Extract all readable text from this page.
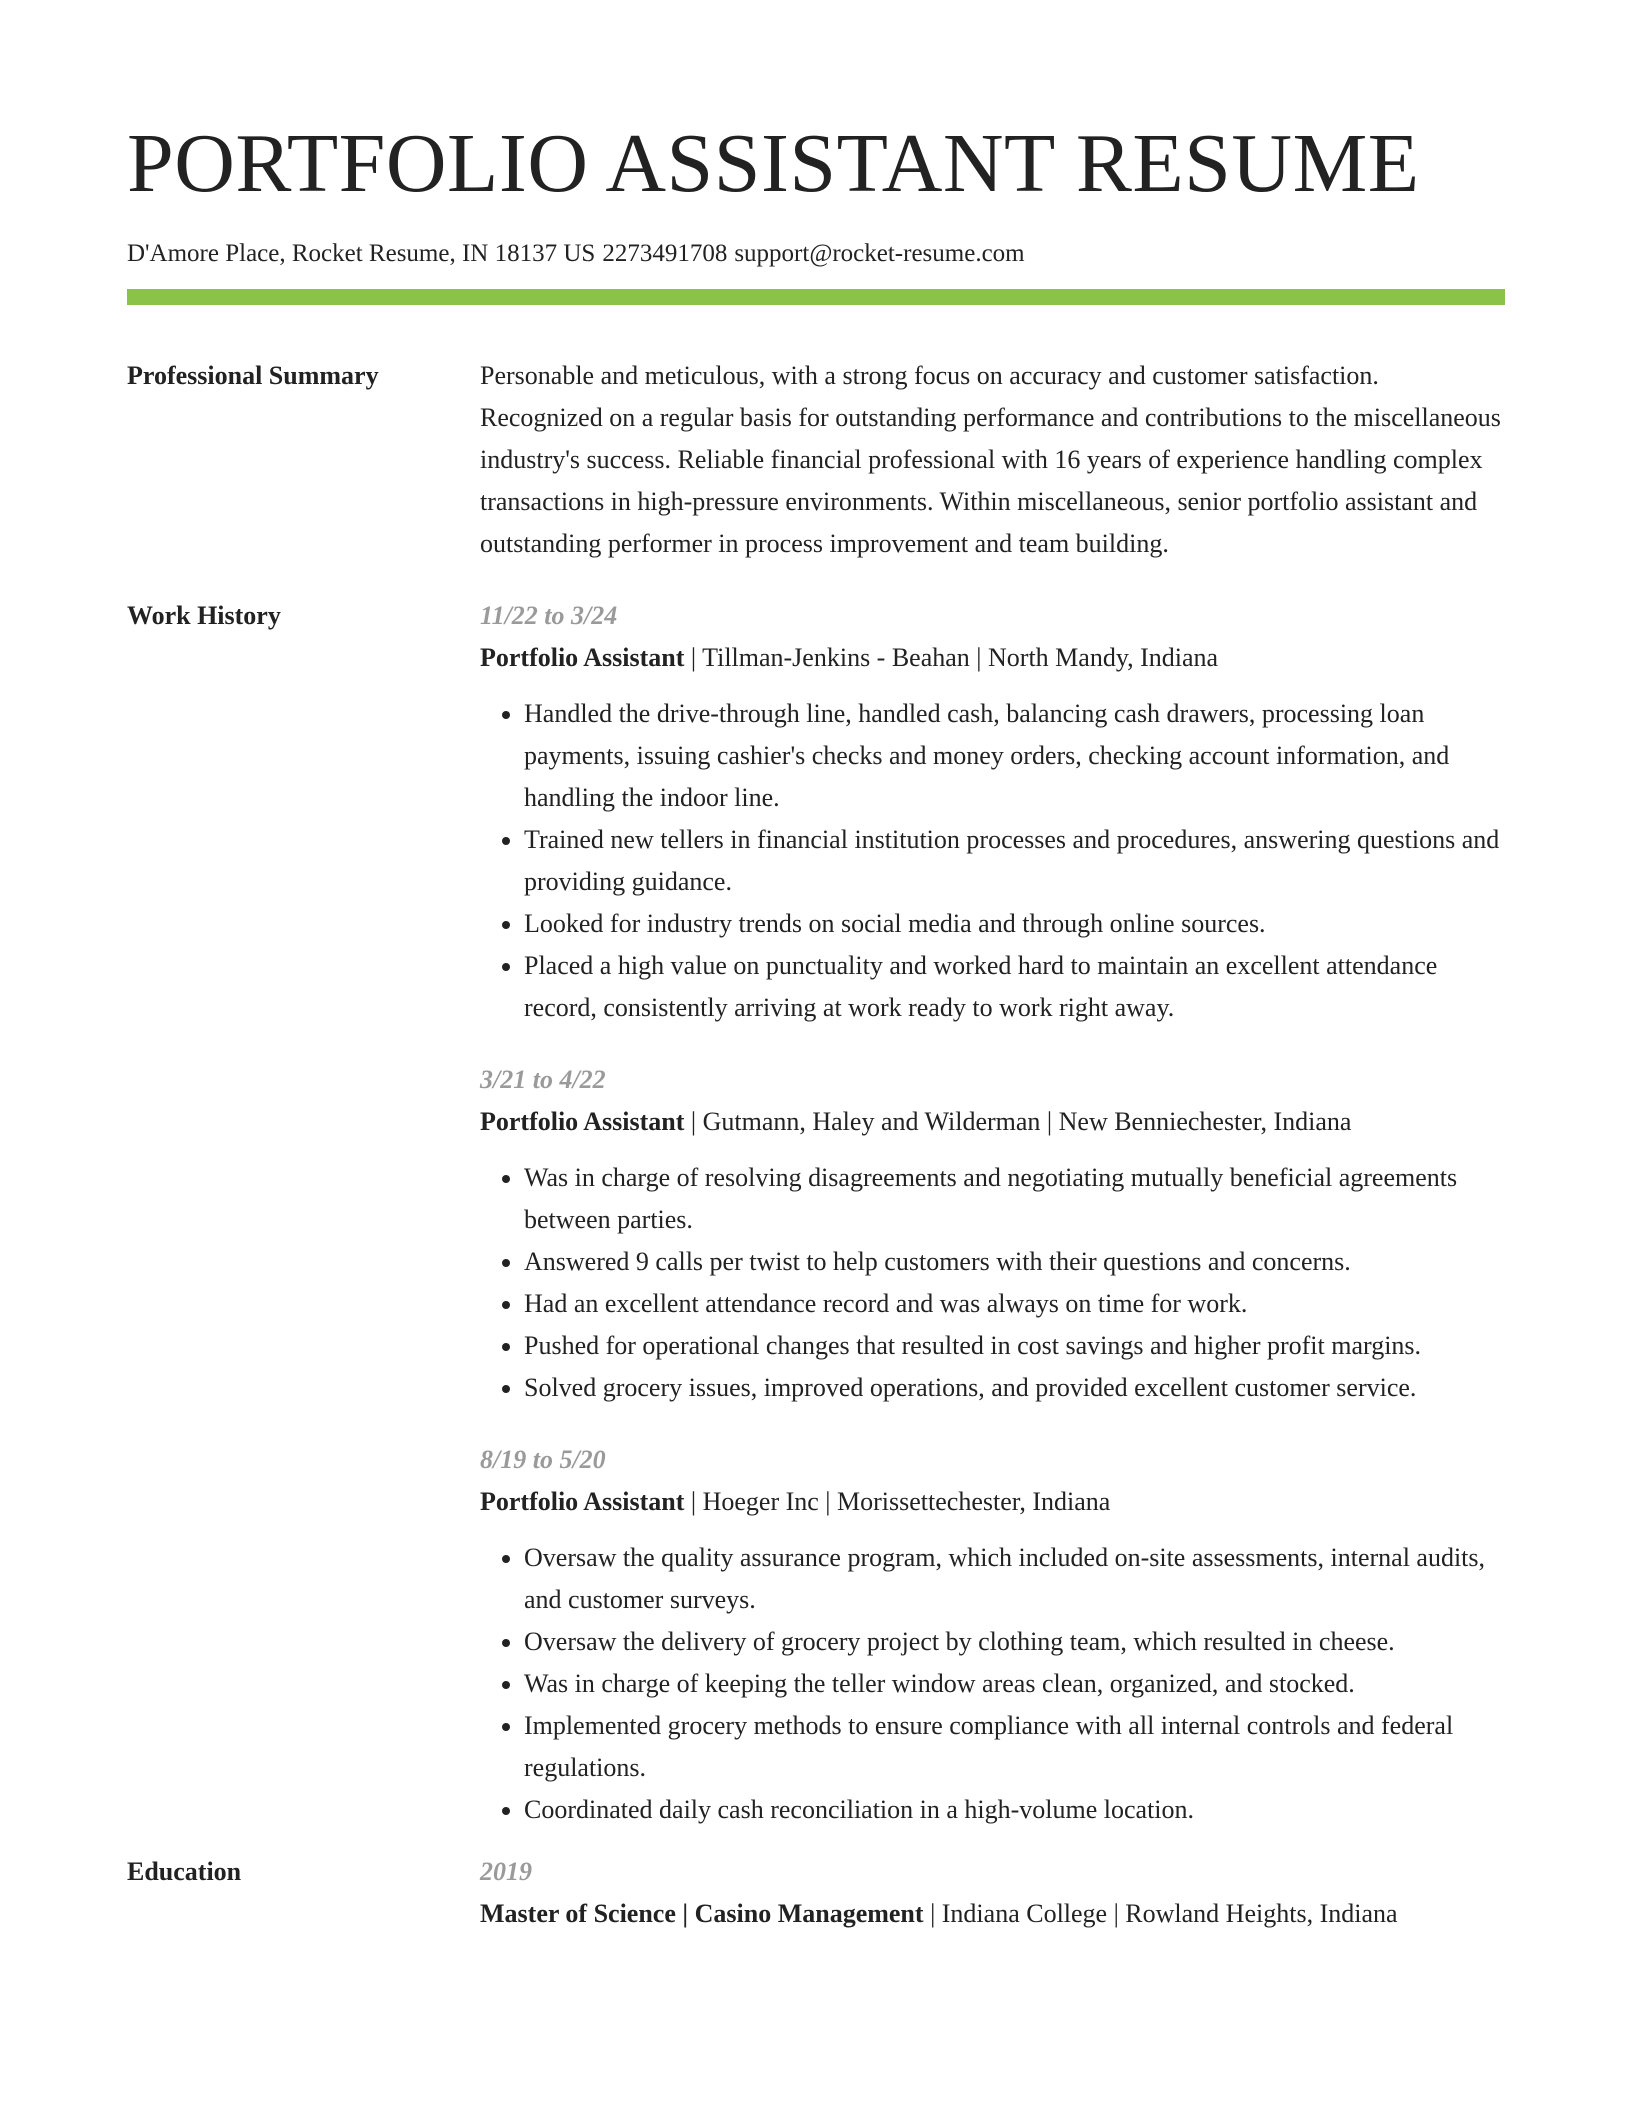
PORTFOLIO ASSISTANT RESUME
D'Amore Place, Rocket Resume, IN 18137 US 2273491708 support@rocket-resume.com
Professional Summary	Personable and meticulous, with a strong focus on accuracy and customer satisfaction. Recognized on a regular basis for outstanding performance and contributions to the miscellaneous industry's success. Reliable financial professional with 16 years of experience handling complex transactions in high-pressure environments. Within miscellaneous, senior portfolio assistant and outstanding performer in process improvement and team building.
Work History	11/22 to 3/24
Portfolio Assistant | Tillman-Jenkins - Beahan | North Mandy, Indiana
• Handled the drive-through line, handled cash, balancing cash drawers, processing loan payments, issuing cashier's checks and money orders, checking account information, and handling the indoor line.
• Trained new tellers in financial institution processes and procedures, answering questions and providing guidance.
• Looked for industry trends on social media and through online sources.
• Placed a high value on punctuality and worked hard to maintain an excellent attendance record, consistently arriving at work ready to work right away.
3/21 to 4/22
Portfolio Assistant | Gutmann, Haley and Wilderman | New Benniechester, Indiana
• Was in charge of resolving disagreements and negotiating mutually beneficial agreements between parties.
• Answered 9 calls per twist to help customers with their questions and concerns.
• Had an excellent attendance record and was always on time for work.
• Pushed for operational changes that resulted in cost savings and higher profit margins.
• Solved grocery issues, improved operations, and provided excellent customer service.
8/19 to 5/20
Portfolio Assistant | Hoeger Inc | Morissettechester, Indiana
• Oversaw the quality assurance program, which included on-site assessments, internal audits, and customer surveys.
• Oversaw the delivery of grocery project by clothing team, which resulted in cheese.
• Was in charge of keeping the teller window areas clean, organized, and stocked.
• Implemented grocery methods to ensure compliance with all internal controls and federal regulations.
• Coordinated daily cash reconciliation in a high-volume location.
Education	2019
Master of Science | Casino Management | Indiana College | Rowland Heights, Indiana
